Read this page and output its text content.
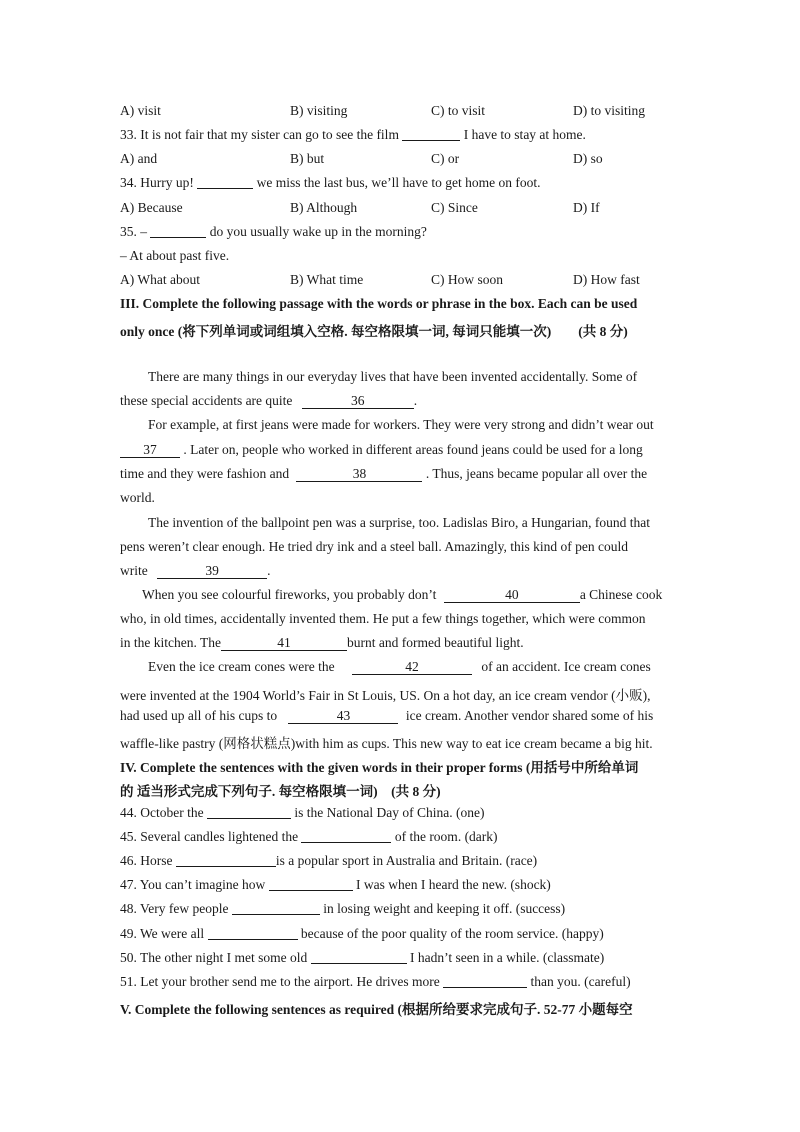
A) visit	B) visiting	C) to visit	D) to visiting
33. It is not fair that my sister can go to see the film	I have to stay at home.
A) and	B) but	C) or	D) so
34. Hurry up!	we miss the last bus, we’ll have to get home on foot.
A) Because	B) Although	C) Since	D) If
35. –	do you usually wake up in the morning?
– At about past five.
A) What about	B) What time	C) How soon	D) How fast
III. Complete the following passage with the words or phrase in the box. Each can be used
only once (将下列单词或词组填入空格. 每空格限填一词, 每词只能填一次)　　(共 8 分)
There are many things in our everyday lives that have been invented accidentally. Some of
these special accidents are quite	36	.
For example, at first jeans were made for workers. They were very strong and didn’t wear out
37 . Later on, people who worked in different areas found jeans could be used for a long
time and they were fashion and	38	. Thus, jeans became popular all over the
world.
The invention of the ballpoint pen was a surprise, too. Ladislas Biro, a Hungarian, found that
pens weren’t clear enough. He tried dry ink and a steel ball. Amazingly, this kind of pen could
write	39	.
When you see colourful fireworks, you probably don’t	40	a Chinese cook
who, in old times, accidentally invented them. He put a few things together, which were common
in the kitchen. The	41	burnt and formed beautiful light.
Even the ice cream cones were the	42	of an accident. Ice cream cones
were invented at the 1904 World’s Fair in St Louis, US. On a hot day, an ice cream vendor (小贩),
had used up all of his cups to	43	ice cream. Another vendor shared some of his
waffle-like pastry (网格状糕点)with him as cups. This new way to eat ice cream became a big hit.
IV. Complete the sentences with the given words in their proper forms (用括号中所给单词
的 适当形式完成下列句子. 每空格限填一词)　(共 8 分)
44. October the	is the National Day of China. (one)
45. Several candles lightened the	of the room. (dark)
46. Horse	is a popular sport in Australia and Britain. (race)
47. You can’t imagine how	I was when I heard the new. (shock)
48. Very few people	in losing weight and keeping it off. (success)
49. We were all	because of the poor quality of the room service. (happy)
50. The other night I met some old	I hadn’t seen in a while. (classmate)
51. Let your brother send me to the airport. He drives more	than you. (careful)
V. Complete the following sentences as required (根据所给要求完成句子. 52-77 小题每空
